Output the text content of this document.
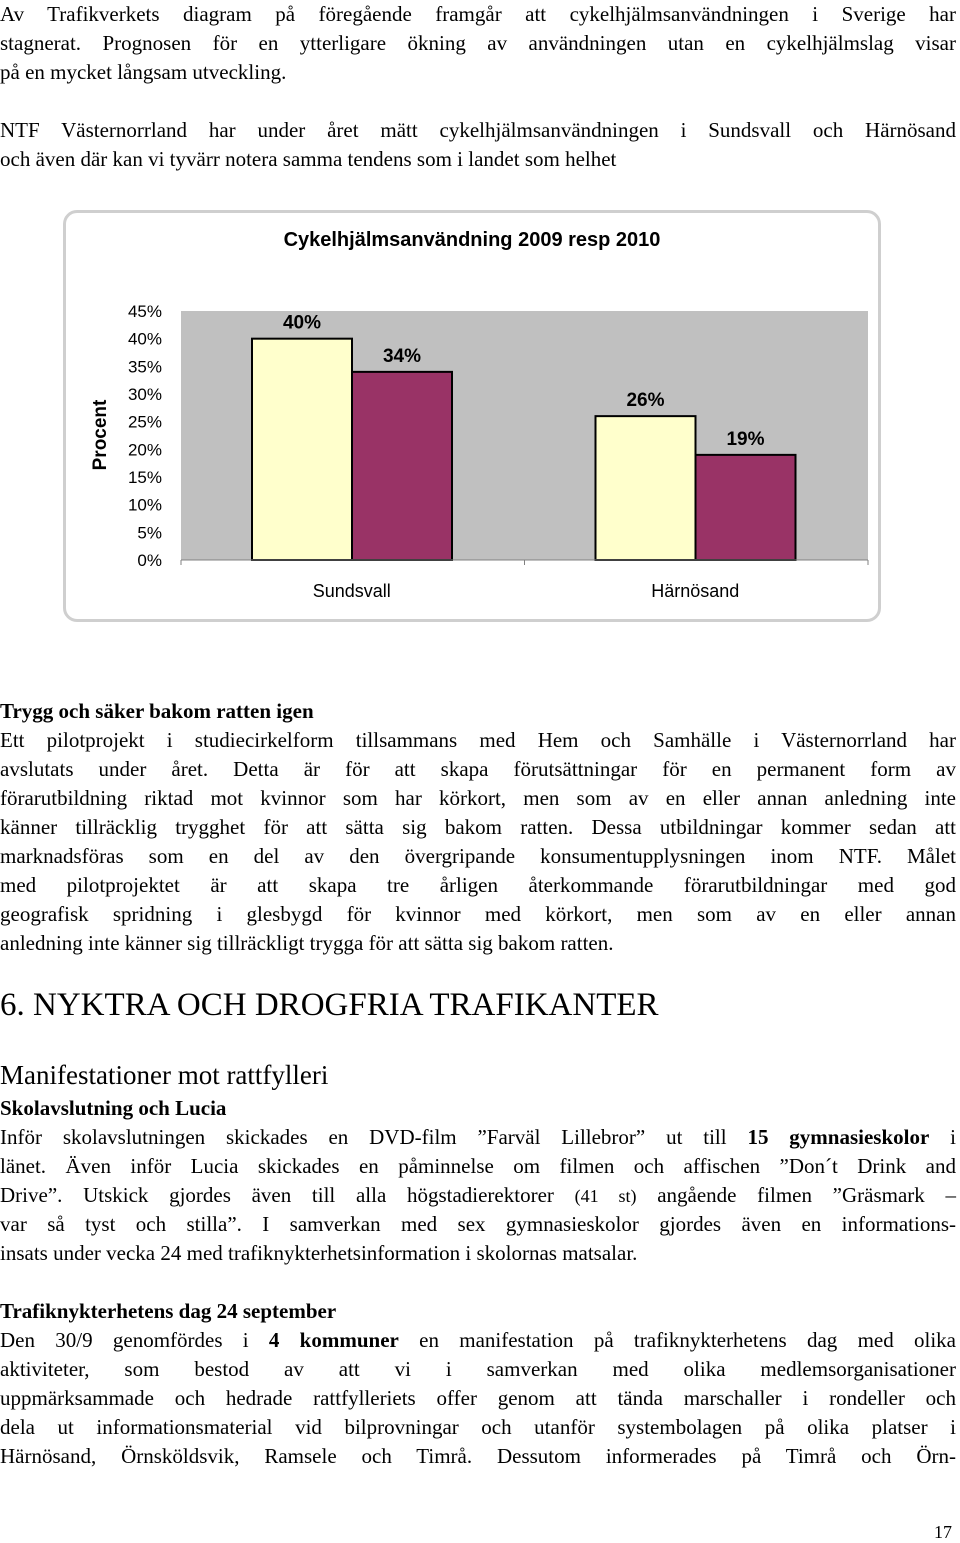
Av Trafikverkets diagram på föregående framgår att cykelhjälmsanvändningen i Sverige har
stagnerat. Prognosen för en ytterligare ökning av användningen utan en cykelhjälmslag visar
på en mycket långsam utveckling.
NTF Västernorrland har under året mätt cykelhjälmsanvändningen i Sundsvall och Härnösand
och även där kan vi tyvärr notera samma tendens som i landet som helhet
Cykelhjälmsanvändning 2009 resp 2010
0%
5%
10%
15%
20%
25%
30%
35%
40%
45%
Procent
40%
34%
Sundsvall
26%
19%
Härnösand
Trygg och säker bakom ratten igen
Ett pilotprojekt i studiecirkelform tillsammans med Hem och Samhälle i Västernorrland har
avslutats under året. Detta är för att skapa förutsättningar för en permanent form av
förarutbildning riktad mot kvinnor som har körkort, men som av en eller annan anledning inte
känner tillräcklig trygghet för att sätta sig bakom ratten. Dessa utbildningar kommer sedan att
marknadsföras som en del av den övergripande konsumentupplysningen inom NTF. Målet
med pilotprojektet är att skapa tre årligen återkommande förarutbildningar med god
geografisk spridning i glesbygd för kvinnor med körkort, men som av en eller annan
anledning inte känner sig tillräckligt trygga för att sätta sig bakom ratten.
6. NYKTRA OCH DROGFRIA TRAFIKANTER
Manifestationer mot rattfylleri
Skolavslutning och Lucia
Inför skolavslutningen skickades en DVD-film ”Farväl Lillebror” ut till 15 gymnasieskolor i
länet. Även inför Lucia skickades en påminnelse om filmen och affischen ”Don´t Drink and
Drive”. Utskick gjordes även till alla högstadierektorer (41 st) angående filmen ”Gräsmark –
var så tyst och stilla”. I samverkan med sex gymnasieskolor gjordes även en informations-
insats under vecka 24 med trafiknykterhetsinformation i skolornas matsalar.
Trafiknykterhetens dag 24 september
Den 30/9 genomfördes i 4 kommuner en manifestation på trafiknykterhetens dag med olika
aktiviteter, som bestod av att vi i samverkan med olika medlemsorganisationer
uppmärksammade och hedrade rattfylleriets offer genom att tända marschaller i rondeller och
dela ut informationsmaterial vid bilprovningar och utanför systembolagen på olika platser i
Härnösand, Örnsköldsvik, Ramsele och Timrå. Dessutom informerades på Timrå och Örn-
17
